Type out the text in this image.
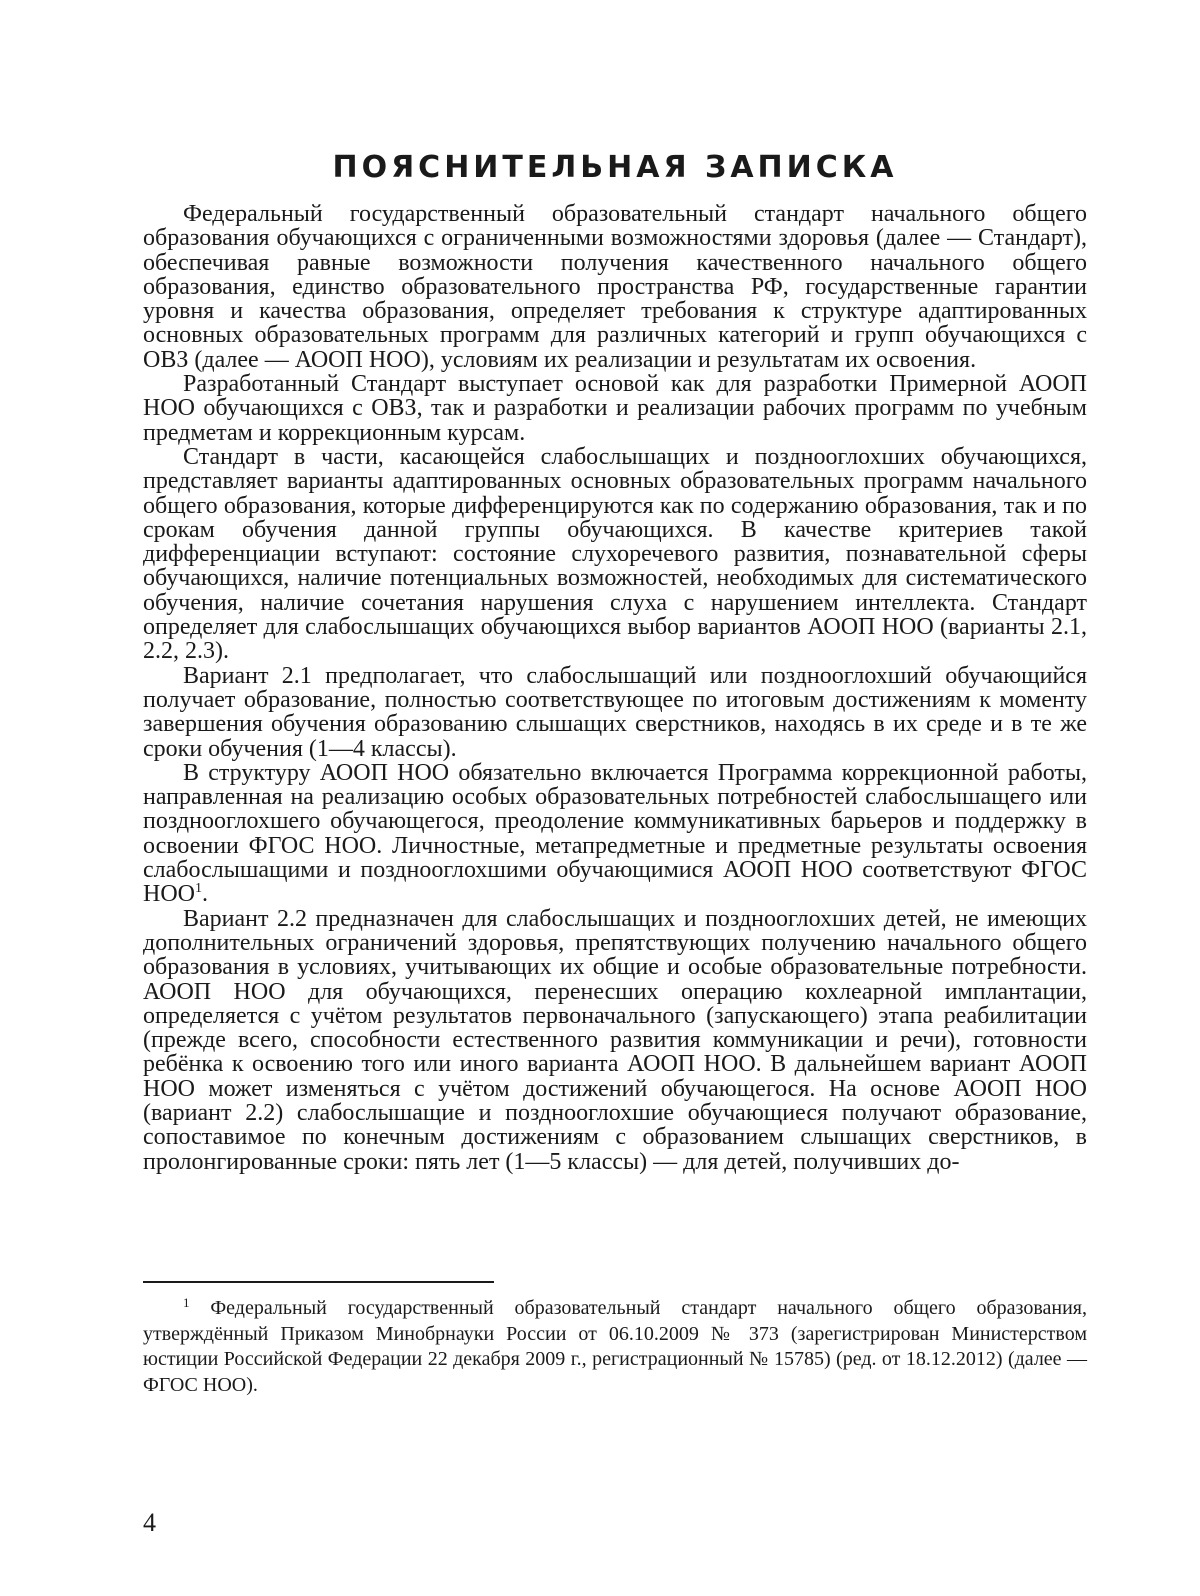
ПОЯСНИТЕЛЬНАЯ ЗАПИСКА

Федеральный государственный образовательный стандарт начального общего образования обучающихся с ограниченными возможностями здоровья (далее — Стандарт), обеспечивая равные возможности получения качественного начального общего образования, единство образовательного пространства РФ, государственные гарантии уровня и качества образования, определяет требования к структуре адаптированных основных образовательных программ для различных категорий и групп обучающихся с ОВЗ (далее — АООП НОО), условиям их реализации и результатам их освоения.

Разработанный Стандарт выступает основой как для разработки Примерной АООП НОО обучающихся с ОВЗ, так и разработки и реализации рабочих программ по учебным предметам и коррекционным курсам.

Стандарт в части, касающейся слабослышащих и позднооглохших обучающихся, представляет варианты адаптированных основных образовательных программ начального общего образования, которые дифференцируются как по содержанию образования, так и по срокам обучения данной группы обучающихся. В качестве критериев такой дифференциации вступают: состояние слухоречевого развития, познавательной сферы обучающихся, наличие потенциальных возможностей, необходимых для систематического обучения, наличие сочетания нарушения слуха с нарушением интеллекта. Стандарт определяет для слабослышащих обучающихся выбор вариантов АООП НОО (варианты 2.1, 2.2, 2.3).

Вариант 2.1 предполагает, что слабослышащий или позднооглохший обучающийся получает образование, полностью соответствующее по итоговым достижениям к моменту завершения обучения образованию слышащих сверстников, находясь в их среде и в те же сроки обучения (1—4 классы).

В структуру АООП НОО обязательно включается Программа коррекционной работы, направленная на реализацию особых образовательных потребностей слабослышащего или позднооглохшего обучающегося, преодоление коммуникативных барьеров и поддержку в освоении ФГОС НОО. Личностные, метапредметные и предметные результаты освоения слабослышащими и позднооглохшими обучающимися АООП НОО соответствуют ФГОС НОО$^1$.

Вариант 2.2 предназначен для слабослышащих и позднооглохших детей, не имеющих дополнительных ограничений здоровья, препятствующих получению начального общего образования в условиях, учитывающих их общие и особые образовательные потребности. АООП НОО для обучающихся, перенесших операцию кохлеарной имплантации, определяется с учётом результатов первоначального (запускающего) этапа реабилитации (прежде всего, способности естественного развития коммуникации и речи), готовности ребёнка к освоению того или иного варианта АООП НОО. В дальнейшем вариант АООП НОО может изменяться с учётом достижений обучающегося. На основе АООП НОО (вариант 2.2) слабослышащие и позднооглохшие обучающиеся получают образование, сопоставимое по конечным достижениям с образованием слышащих сверстников, в пролонгированные сроки: пять лет (1—5 классы) — для детей, получивших до-

$^1$ Федеральный государственный образовательный стандарт начального общего образования, утверждённый Приказом Минобрнауки России от 06.10.2009 № 373 (зарегистрирован Министерством юстиции Российской Федерации 22 декабря 2009 г., регистрационный № 15785) (ред. от 18.12.2012) (далее — ФГОС НОО).

4
